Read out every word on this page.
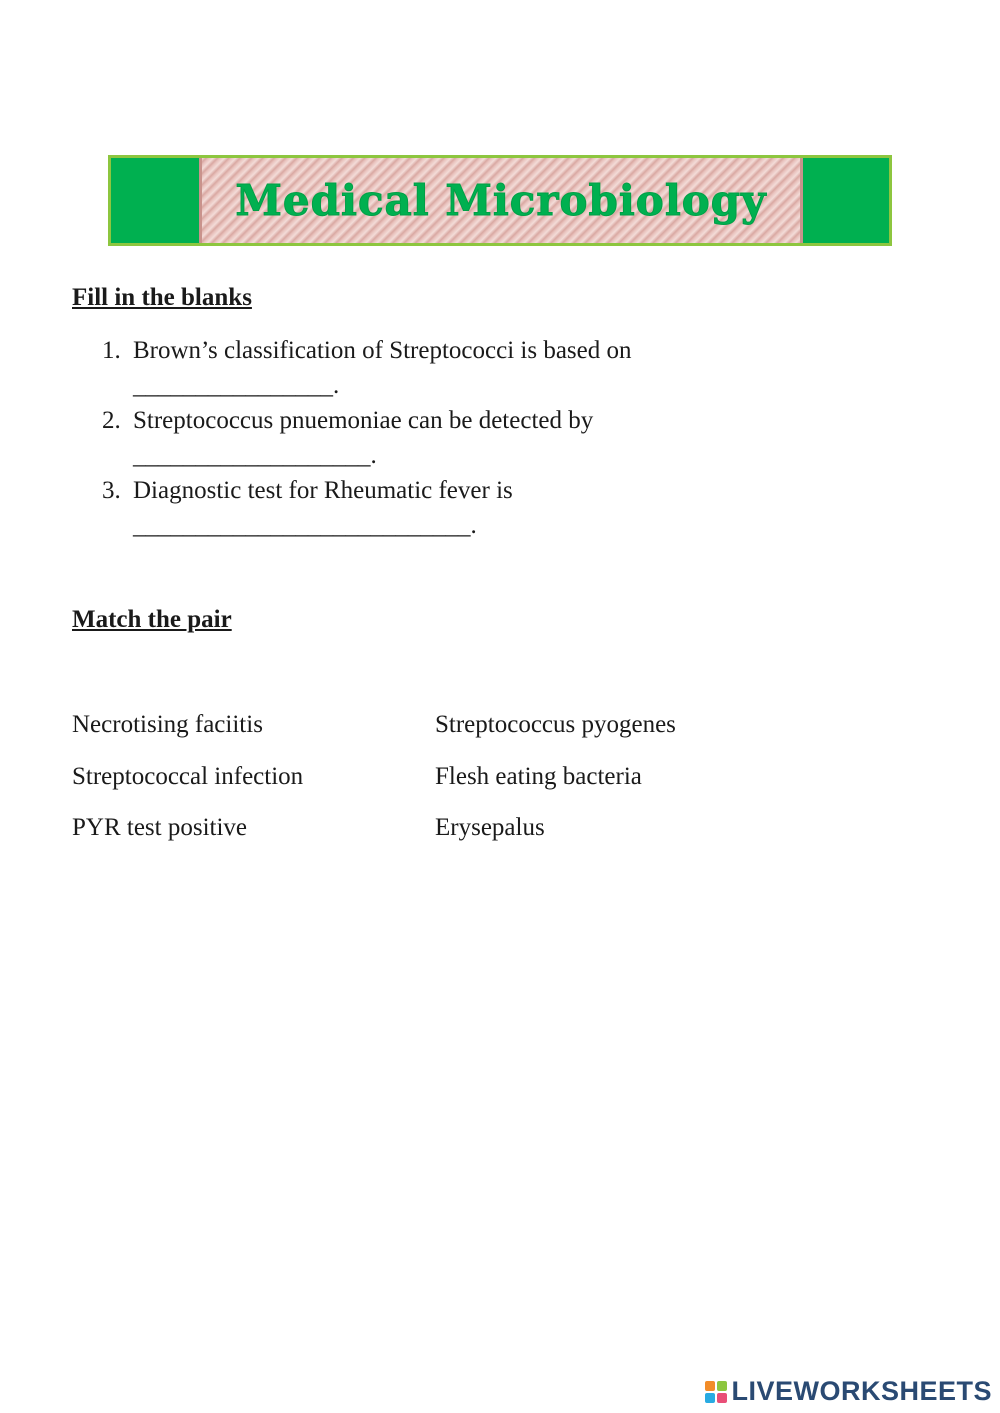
Medical Microbiology
Fill in the blanks
1. Brown’s classification of Streptococci is based on
________________.
2. Streptococcus pnuemoniae can be detected by
___________________.
3. Diagnostic test for Rheumatic fever is
___________________________.
Match the pair
Necrotising faciitis	Streptococcus pyogenes
Streptococcal infection	Flesh eating bacteria
PYR test positive	Erysepalus
LIVEWORKSHEETS
